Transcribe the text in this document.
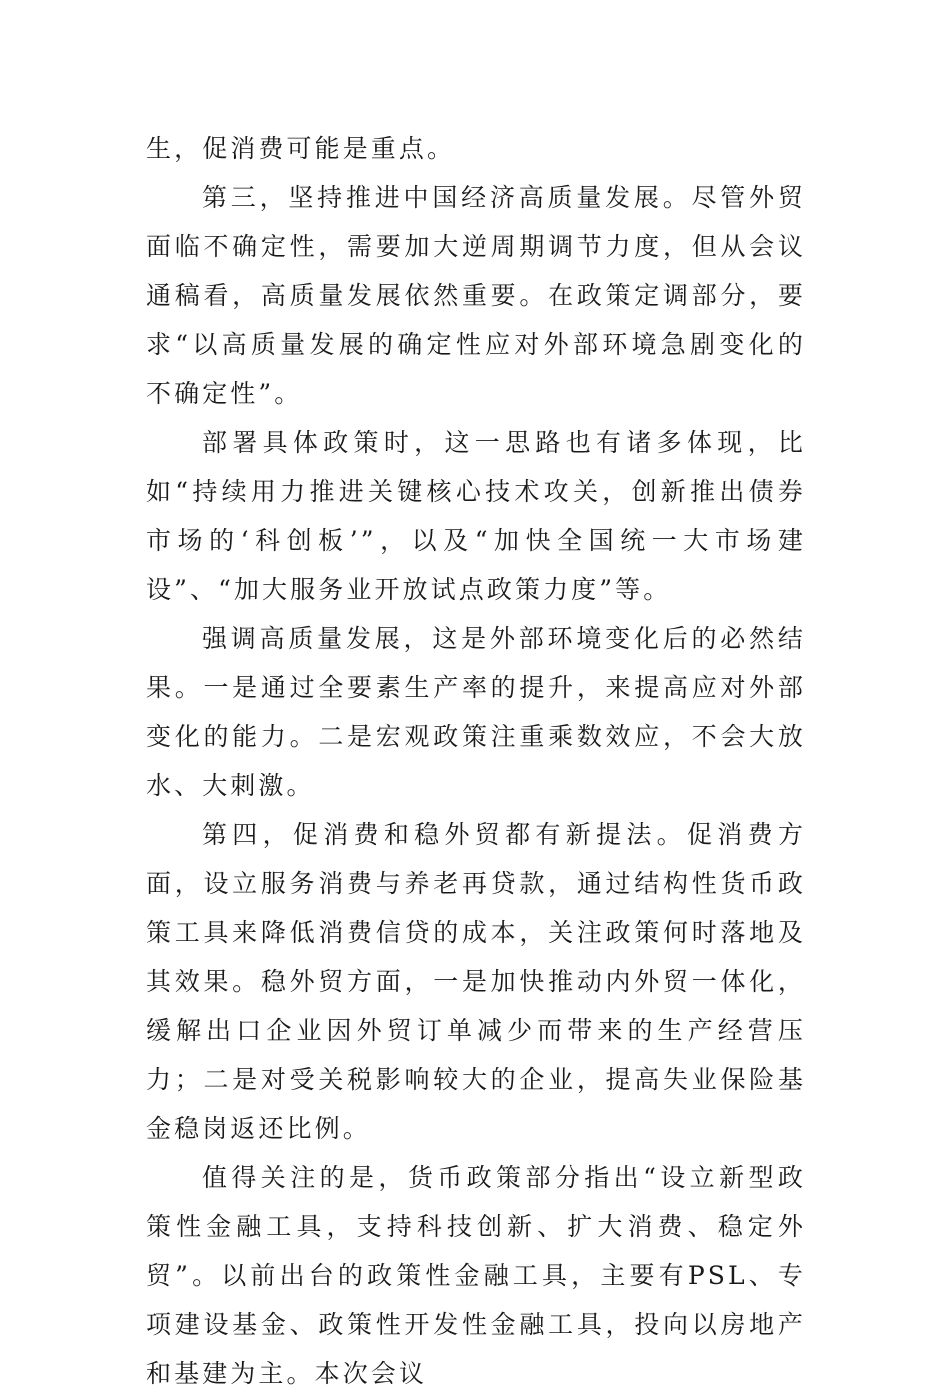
生，促消费可能是重点。

第三，坚持推进中国经济高质量发展。尽管外贸面临不确定性，需要加大逆周期调节力度，但从会议通稿看，高质量发展依然重要。在政策定调部分，要求“以高质量发展的确定性应对外部环境急剧变化的不确定性”。

部署具体政策时，这一思路也有诸多体现，比如“持续用力推进关键核心技术攻关，创新推出债券市场的‘科创板’”，以及“加快全国统一大市场建设”、“加大服务业开放试点政策力度”等。

强调高质量发展，这是外部环境变化后的必然结果。一是通过全要素生产率的提升，来提高应对外部变化的能力。二是宏观政策注重乘数效应，不会大放水、大刺激。

第四，促消费和稳外贸都有新提法。促消费方面，设立服务消费与养老再贷款，通过结构性货币政策工具来降低消费信贷的成本，关注政策何时落地及其效果。稳外贸方面，一是加快推动内外贸一体化，缓解出口企业因外贸订单减少而带来的生产经营压力；二是对受关税影响较大的企业，提高失业保险基金稳岗返还比例。

值得关注的是，货币政策部分指出“设立新型政策性金融工具，支持科技创新、扩大消费、稳定外贸”。以前出台的政策性金融工具，主要有PSL、专项建设基金、政策性开发性金融工具，投向以房地产和基建为主。本次会议
